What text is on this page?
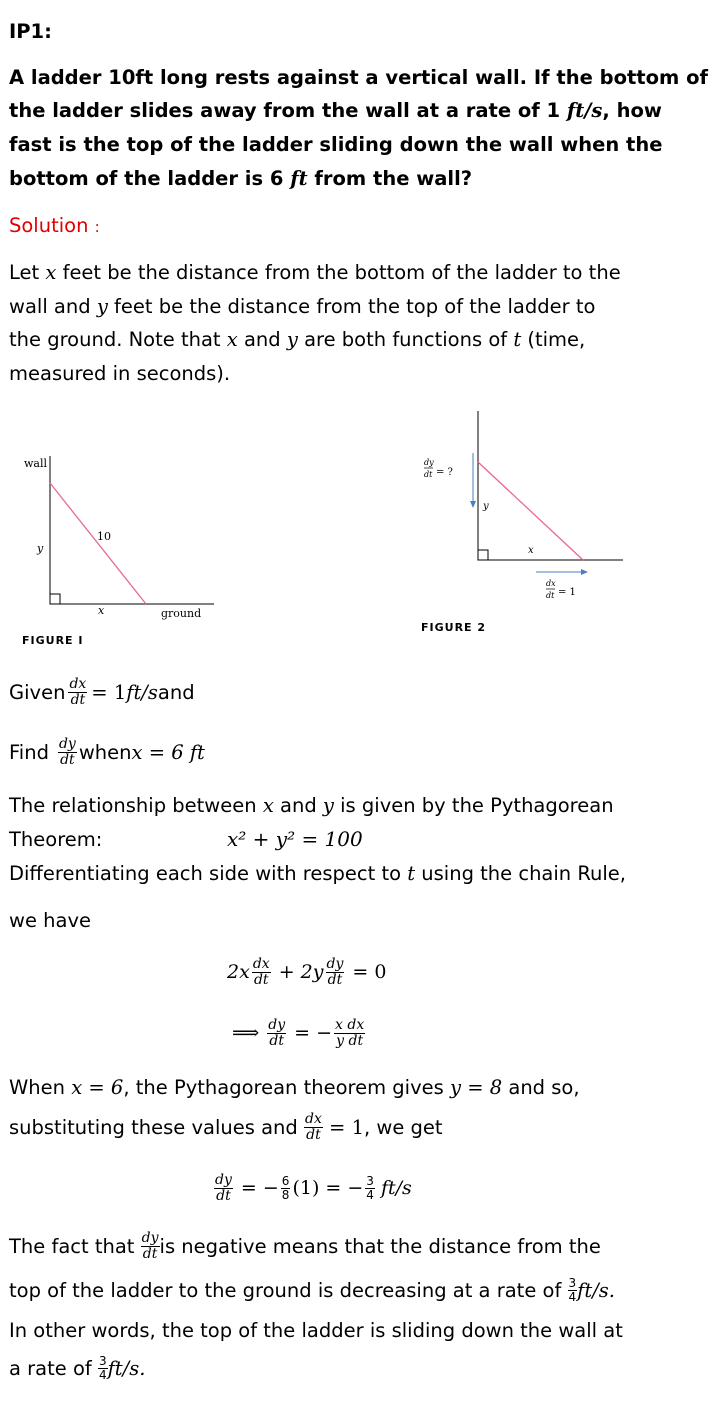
IP1:
A ladder 10ft long rests against a vertical wall. If the bottom of
the ladder slides away from the wall at a rate of 1 ft/s, how
fast is the top of the ladder sliding down the wall when the
bottom of the ladder is 6 ft from the wall?
Solution :
Let x feet be the distance from the bottom of the ladder to the
wall and y feet be the distance from the top of the ladder to
the ground. Note that x and y are both functions of t (time,
measured in seconds).
wall
y
10
x	ground
FIGURE I
dy
dt = ?
y
x
dx
dt = 1
FIGURE 2
Given $\frac{dx}{dt} = 1$ ft/s and
Find $\frac{dy}{dt}$ when x = 6 ft
The relationship between x and y is given by the Pythagorean
Theorem:	x² + y² = 100
Differentiating each side with respect to t using the chain Rule,
we have
$2x \frac{dx}{dt} + 2y \frac{dy}{dt} = 0$
⟹ $\frac{dy}{dt}$ = − $\frac{\text{x dx}}{\text{y dt}}$
When x = 6, the Pythagorean theorem gives y = 8 and so,
substituting these values and $\frac{dx}{dt} = 1$ , we get
$\frac{dy}{dt}$ = − $\frac{6}{8} (1)$ = − $\frac{3}{4} ft/s$
The fact that $\frac{dy}{dt}$ is negative means that the distance from the
top of the ladder to the ground is decreasing at a rate of $\frac{3}{4} ft/s$.
In other words, the top of the ladder is sliding down the wall at
a rate of $\frac{3}{4} ft/s$.
